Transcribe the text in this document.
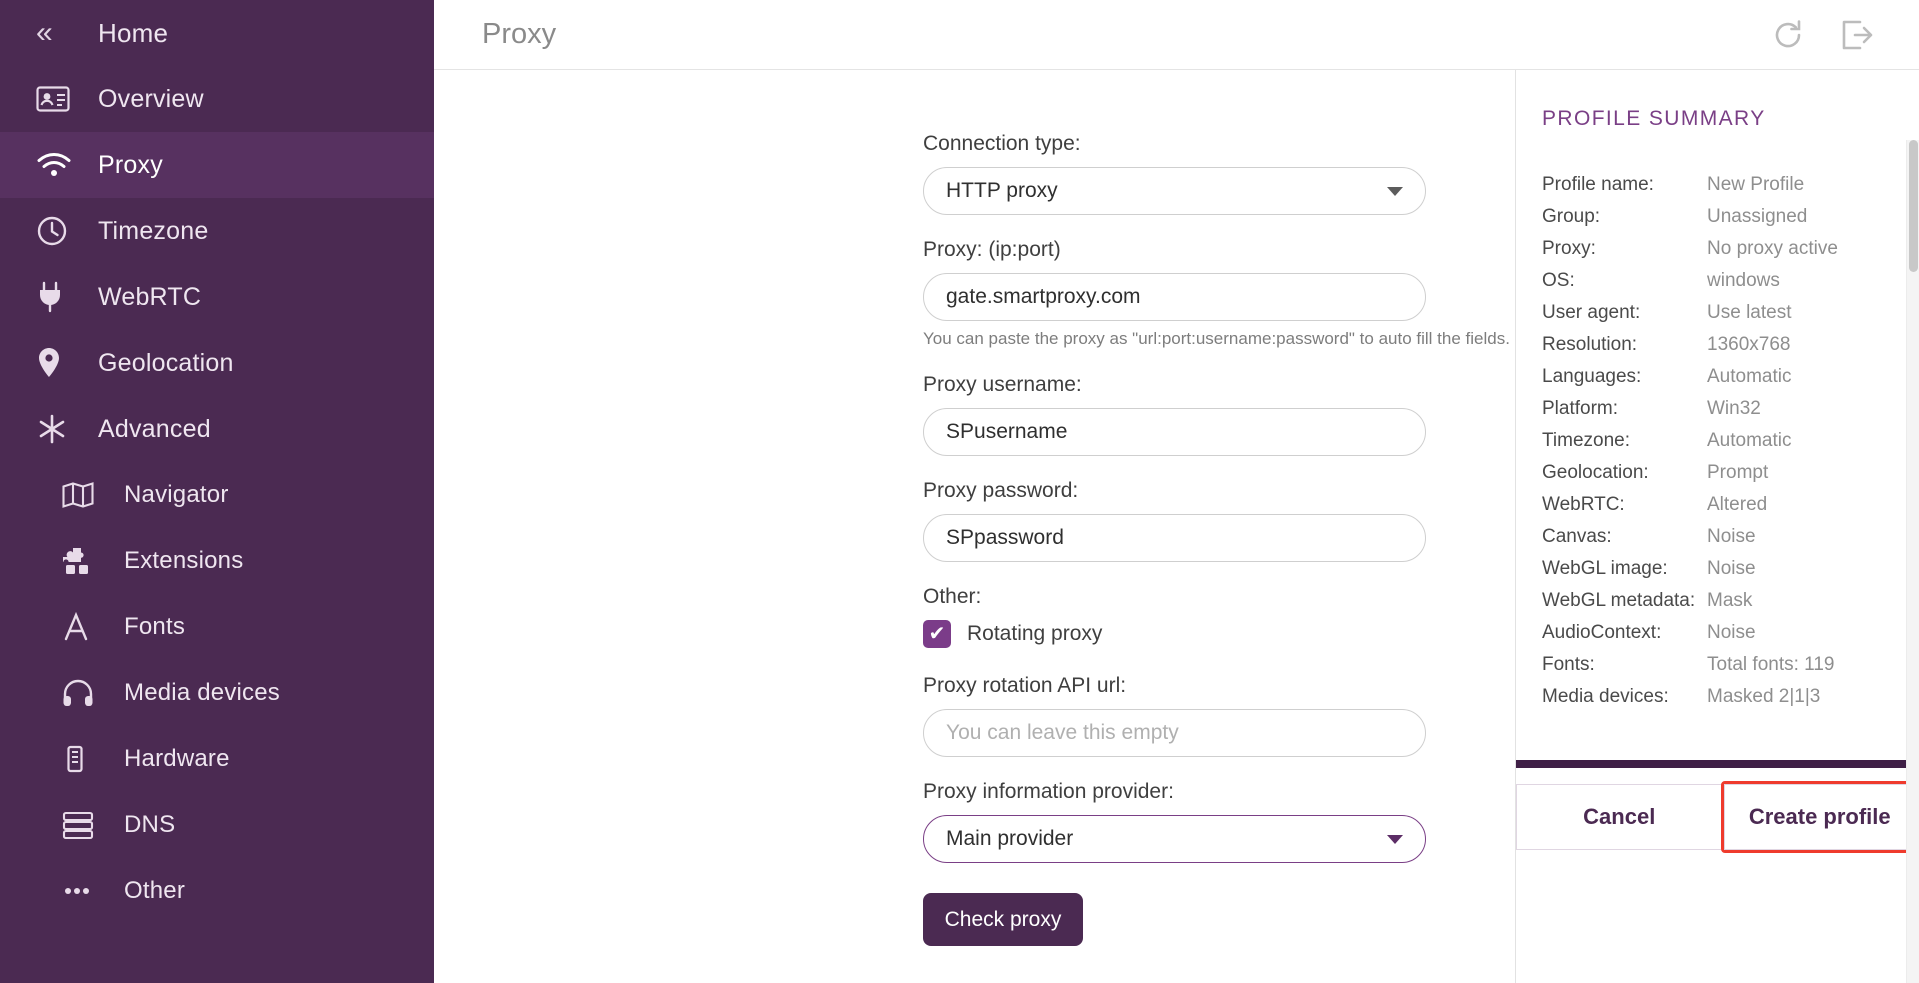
«	Home
Overview
Proxy
Timezone
WebRTC
Geolocation
Advanced
Navigator
Extensions
Fonts
Media devices
Hardware
DNS
Other
Proxy
Connection type:
HTTP proxy
Proxy: (ip:port)
gate.smartproxy.com
You can paste the proxy as "url:port:username:password" to auto fill the fields.
Proxy username:
SPusername
Proxy password:
SPpassword
Other:
✔ Rotating proxy
Proxy rotation API url:
You can leave this empty
Proxy information provider:
Main provider
Check proxy
PROFILE SUMMARY
Profile name:	New Profile
Group:	Unassigned
Proxy:	No proxy active
OS:	windows
User agent:	Use latest
Resolution:	1360x768
Languages:	Automatic
Platform:	Win32
Timezone:	Automatic
Geolocation:	Prompt
WebRTC:	Altered
Canvas:	Noise
WebGL image:	Noise
WebGL metadata: Mask
AudioContext:	Noise
Fonts:	Total fonts: 119
Media devices:	Masked 2|1|3
Cancel	Create profile
